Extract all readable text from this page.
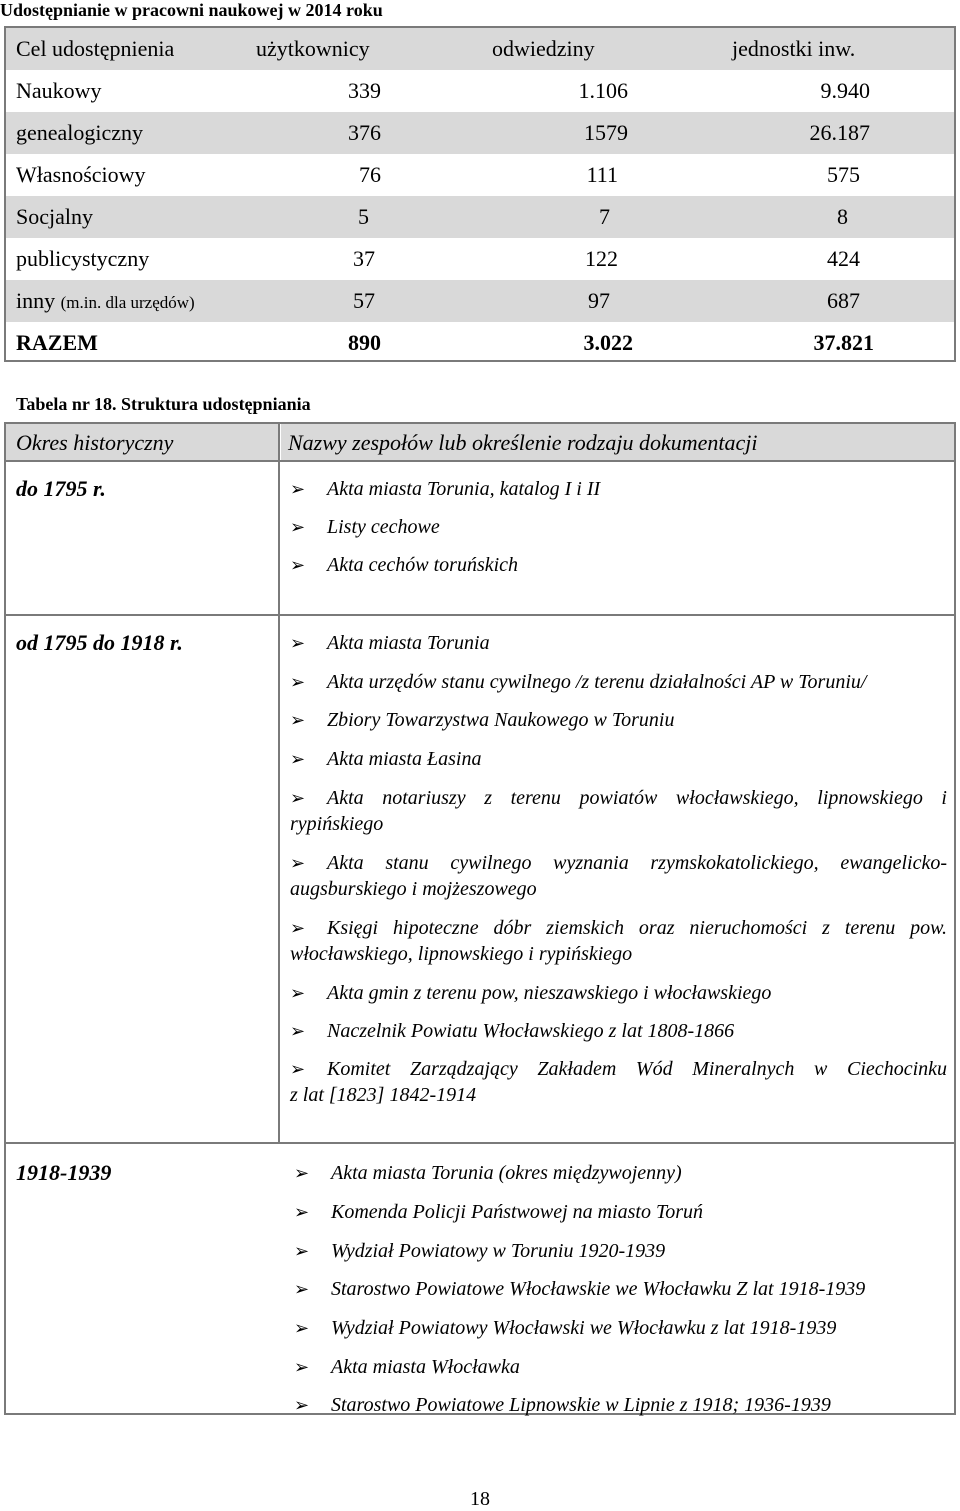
Udostępnianie w pracowni naukowej w 2014 roku
Cel udostępnienia	użytkownicy	odwiedziny	jednostki inw.
Naukowy	339	1.106	9.940
genealogiczny	376	1579	26.187
Własnościowy	76	111	575
Socjalny	5	7	8
publicystyczny	37	122	424
inny (m.in. dla urzędów)	57	97	687
RAZEM	890	3.022	37.821
Tabela nr 18. Struktura udostępniania
Okres historyczny	Nazwy zespołów lub określenie rodzaju dokumentacji
do 1795 r.	➢ Akta miasta Torunia, katalog I i II
➢ Listy cechowe
➢ Akta cechów toruńskich
od 1795 do 1918 r.	➢ Akta miasta Torunia
➢ Akta urzędów stanu cywilnego /z terenu działalności AP w Toruniu/
➢ Zbiory Towarzystwa Naukowego w Toruniu
➢ Akta miasta Łasina
➢ Akta notariuszy z terenu powiatów włocławskiego, lipnowskiego i
rypińskiego
➢ Akta stanu cywilnego wyznania rzymskokatolickiego, ewangelicko-
augsburskiego i mojżeszowego
➢ Księgi hipoteczne dóbr ziemskich oraz nieruchomości z terenu pow.
włocławskiego, lipnowskiego i rypińskiego
➢ Akta gmin z terenu pow, nieszawskiego i włocławskiego
➢ Naczelnik Powiatu Włocławskiego z lat 1808-1866
➢ Komitet Zarządzający Zakładem Wód Mineralnych w Ciechocinku
z lat [1823] 1842-1914
1918-1939	➢ Akta miasta Torunia (okres międzywojenny)
➢ Komenda Policji Państwowej na miasto Toruń
➢ Wydział Powiatowy w Toruniu 1920-1939
➢ Starostwo Powiatowe Włocławskie we Włocławku Z lat 1918-1939
➢ Wydział Powiatowy Włocławski we Włocławku z lat 1918-1939
➢ Akta miasta Włocławka
➢ Starostwo Powiatowe Lipnowskie w Lipnie z 1918; 1936-1939
18
